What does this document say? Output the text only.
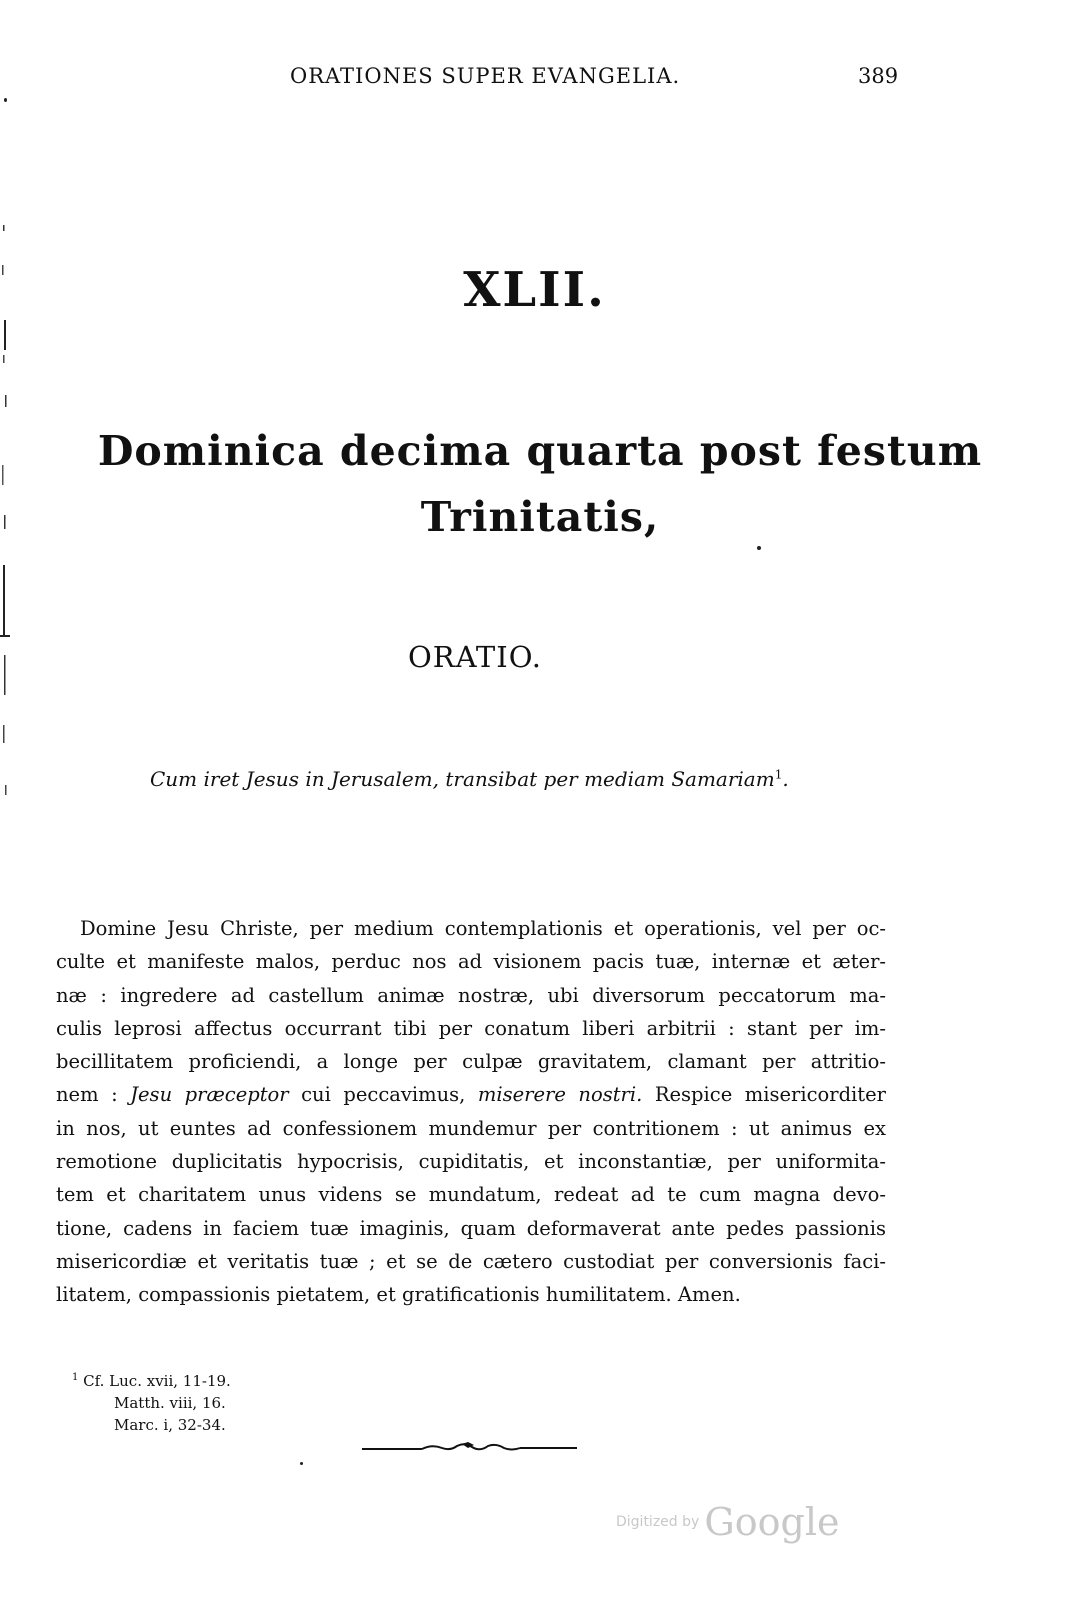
ORATIONES SUPER EVANGELIA.	389
XLII.
Dominica decima quarta post festum
Trinitatis,
ORATIO.
Cum iret Jesus in Jerusalem, transibat per mediam Samariam$^1$.
Domine Jesu Christe, per medium contemplationis et operationis, vel per oc-
culte et manifeste malos, perduc nos ad visionem pacis tuæ, internæ et æter-
næ : ingredere ad castellum animæ nostræ, ubi diversorum peccatorum ma-
culis leprosi affectus occurrant tibi per conatum liberi arbitrii : stant per im-
becillitatem proficiendi, a longe per culpæ gravitatem, clamant per attritio-
nem : Jesu præceptor cui peccavimus, miserere nostri. Respice misericorditer
in nos, ut euntes ad confessionem mundemur per contritionem : ut animus ex
remotione duplicitatis hypocrisis, cupiditatis, et inconstantiæ, per uniformita-
tem et charitatem unus videns se mundatum, redeat ad te cum magna devo-
tione, cadens in faciem tuæ imaginis, quam deformaverat ante pedes passionis
misericordiæ et veritatis tuæ ; et se de cætero custodiat per conversionis faci-
litatem, compassionis pietatem, et gratificationis humilitatem. Amen.
$^1$ Cf. Luc. xvii, 11-19.
Matth. viii, 16.
Marc. i, 32-34.
Digitized by Google
